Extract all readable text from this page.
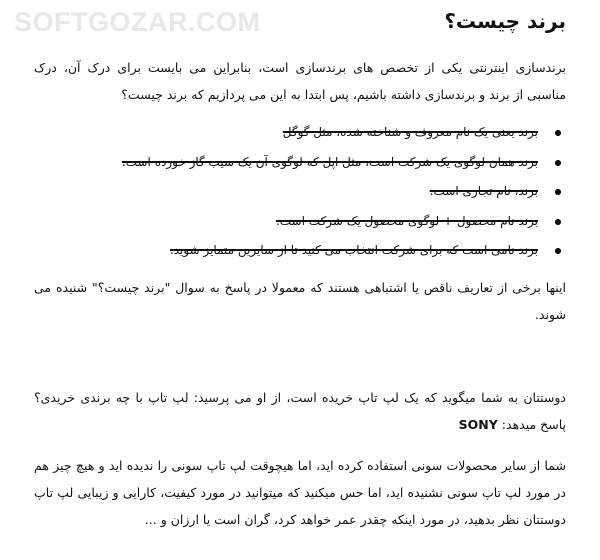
SOFTGOZAR.COM	برند چیست؟

برندسازی اینترنتی یکی از تخصص های برندسازی است، بنابراین می بایست برای درک آن، درک مناسبی از برند و برندسازی داشته باشیم، پس ابتدا به این می پردازیم که برند چیست؟

برند یعنی یک نام معروف و شناخته شده، مثل گوگل
برند همان لوگوی یک شرکت است، مثل اپل که لوگوی آن یک سیب گاز خورده است.
برند، نام تجاری است.
برند نام محصول + لوگوی محصول یک شرکت است.
برند نامی است که برای شرکت انتخاب می کنید تا از سایرین متمایز شوید.

اینها برخی از تعاریف ناقص یا اشتباهی هستند که معمولا در پاسخ به سوال "برند چیست؟" شنیده می شوند.

دوستتان به شما میگوید که یک لپ تاپ خریده است، از او می پرسید: لپ تاپ با چه برندی خریدی؟ پاسخ میدهد: SONY

شما از سایر محصولات سونی استفاده کرده اید، اما هیچوقت لپ تاپ سونی را ندیده اید و هیچ چیز هم در مورد لپ تاپ سونی نشنیده اید، اما حس میکنید که میتوانید در مورد کیفیت، کارایی و زیبایی لپ تاپ دوستتان نظر بدهید، در مورد اینکه چقدر عمر خواهد کرد، گران است یا ارزان و ...
